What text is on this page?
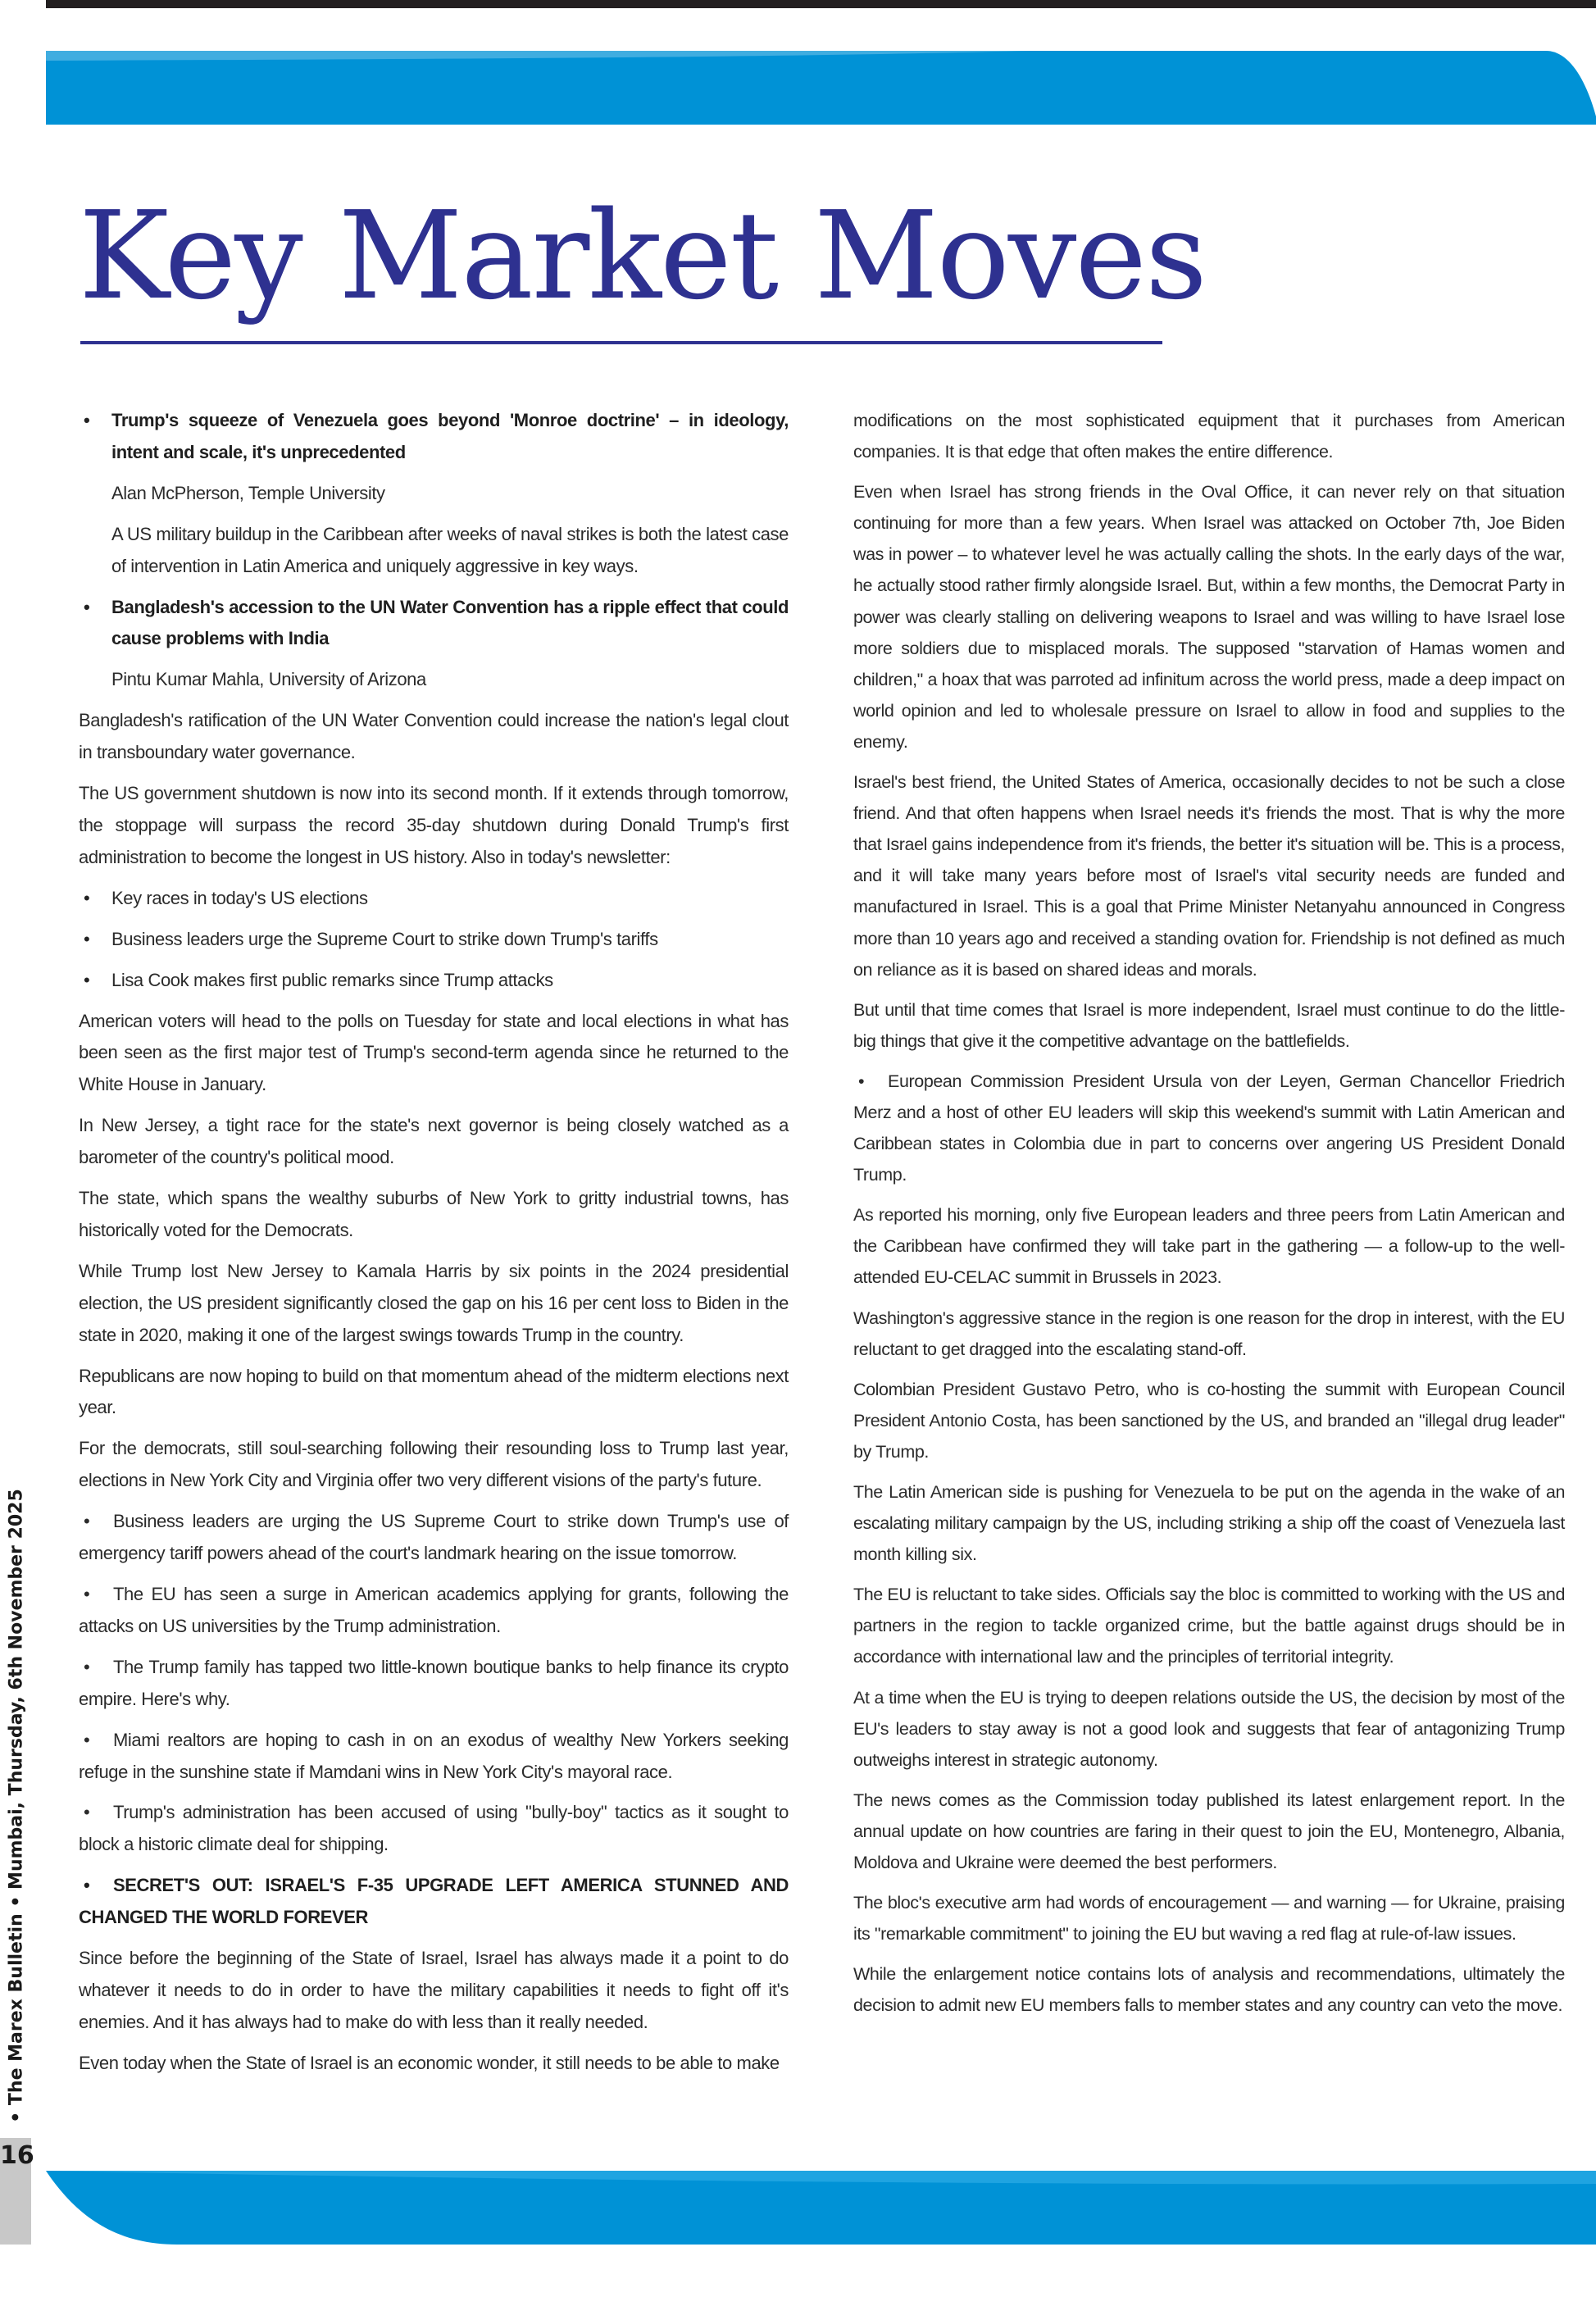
• The Marex Bulletin • Mumbai, Thursday, 6th November 2025
16
Key Market Moves

• Trump's squeeze of Venezuela goes beyond 'Monroe doctrine' – in ideology, intent and scale, it's unprecedented

Alan McPherson, Temple University

A US military buildup in the Caribbean after weeks of naval strikes is both the latest case of intervention in Latin America and uniquely aggressive in key ways.

• Bangladesh's accession to the UN Water Convention has a ripple effect that could cause problems with India

Pintu Kumar Mahla, University of Arizona

Bangladesh's ratification of the UN Water Convention could increase the nation's legal clout in transboundary water governance.

The US government shutdown is now into its second month. If it extends through tomorrow, the stoppage will surpass the record 35-day shutdown during Donald Trump's first administration to become the longest in US history. Also in today's newsletter:

• Key races in today's US elections

• Business leaders urge the Supreme Court to strike down Trump's tariffs

• Lisa Cook makes first public remarks since Trump attacks

American voters will head to the polls on Tuesday for state and local elections in what has been seen as the first major test of Trump's second-term agenda since he returned to the White House in January.

In New Jersey, a tight race for the state's next governor is being closely watched as a barometer of the country's political mood.

The state, which spans the wealthy suburbs of New York to gritty industrial towns, has historically voted for the Democrats.

While Trump lost New Jersey to Kamala Harris by six points in the 2024 presidential election, the US president significantly closed the gap on his 16 per cent loss to Biden in the state in 2020, making it one of the largest swings towards Trump in the country.

Republicans are now hoping to build on that momentum ahead of the midterm elections next year.

For the democrats, still soul-searching following their resounding loss to Trump last year, elections in New York City and Virginia offer two very different visions of the party's future.

• Business leaders are urging the US Supreme Court to strike down Trump's use of emergency tariff powers ahead of the court's landmark hearing on the issue tomorrow.

• The EU has seen a surge in American academics applying for grants, following the attacks on US universities by the Trump administration.

• The Trump family has tapped two little-known boutique banks to help finance its crypto empire. Here's why.

• Miami realtors are hoping to cash in on an exodus of wealthy New Yorkers seeking refuge in the sunshine state if Mamdani wins in New York City's mayoral race.

• Trump's administration has been accused of using "bully-boy" tactics as it sought to block a historic climate deal for shipping.

• SECRET'S OUT: ISRAEL'S F-35 UPGRADE LEFT AMERICA STUNNED AND CHANGED THE WORLD FOREVER

Since before the beginning of the State of Israel, Israel has always made it a point to do whatever it needs to do in order to have the military capabilities it needs to fight off it's enemies. And it has always had to make do with less than it really needed.

Even today when the State of Israel is an economic wonder, it still needs to be able to make

modifications on the most sophisticated equipment that it purchases from American companies. It is that edge that often makes the entire difference.

Even when Israel has strong friends in the Oval Office, it can never rely on that situation continuing for more than a few years. When Israel was attacked on October 7th, Joe Biden was in power – to whatever level he was actually calling the shots. In the early days of the war, he actually stood rather firmly alongside Israel. But, within a few months, the Democrat Party in power was clearly stalling on delivering weapons to Israel and was willing to have Israel lose more soldiers due to misplaced morals. The supposed "starvation of Hamas women and children," a hoax that was parroted ad infinitum across the world press, made a deep impact on world opinion and led to wholesale pressure on Israel to allow in food and supplies to the enemy.

Israel's best friend, the United States of America, occasionally decides to not be such a close friend. And that often happens when Israel needs it's friends the most. That is why the more that Israel gains independence from it's friends, the better it's situation will be. This is a process, and it will take many years before most of Israel's vital security needs are funded and manufactured in Israel. This is a goal that Prime Minister Netanyahu announced in Congress more than 10 years ago and received a standing ovation for. Friendship is not defined as much on reliance as it is based on shared ideas and morals.

But until that time comes that Israel is more independent, Israel must continue to do the little-big things that give it the competitive advantage on the battlefields.

• European Commission President Ursula von der Leyen, German Chancellor Friedrich Merz and a host of other EU leaders will skip this weekend's summit with Latin American and Caribbean states in Colombia due in part to concerns over angering US President Donald Trump.

As reported his morning, only five European leaders and three peers from Latin American and the Caribbean have confirmed they will take part in the gathering — a follow-up to the well-attended EU-CELAC summit in Brussels in 2023.

Washington's aggressive stance in the region is one reason for the drop in interest, with the EU reluctant to get dragged into the escalating stand-off.

Colombian President Gustavo Petro, who is co-hosting the summit with European Council President Antonio Costa, has been sanctioned by the US, and branded an "illegal drug leader" by Trump.

The Latin American side is pushing for Venezuela to be put on the agenda in the wake of an escalating military campaign by the US, including striking a ship off the coast of Venezuela last month killing six.

The EU is reluctant to take sides. Officials say the bloc is committed to working with the US and partners in the region to tackle organized crime, but the battle against drugs should be in accordance with international law and the principles of territorial integrity.

At a time when the EU is trying to deepen relations outside the US, the decision by most of the EU's leaders to stay away is not a good look and suggests that fear of antagonizing Trump outweighs interest in strategic autonomy.

The news comes as the Commission today published its latest enlargement report. In the annual update on how countries are faring in their quest to join the EU, Montenegro, Albania, Moldova and Ukraine were deemed the best performers.

The bloc's executive arm had words of encouragement — and warning — for Ukraine, praising its "remarkable commitment" to joining the EU but waving a red flag at rule-of-law issues.

While the enlargement notice contains lots of analysis and recommendations, ultimately the decision to admit new EU members falls to member states and any country can veto the move.
